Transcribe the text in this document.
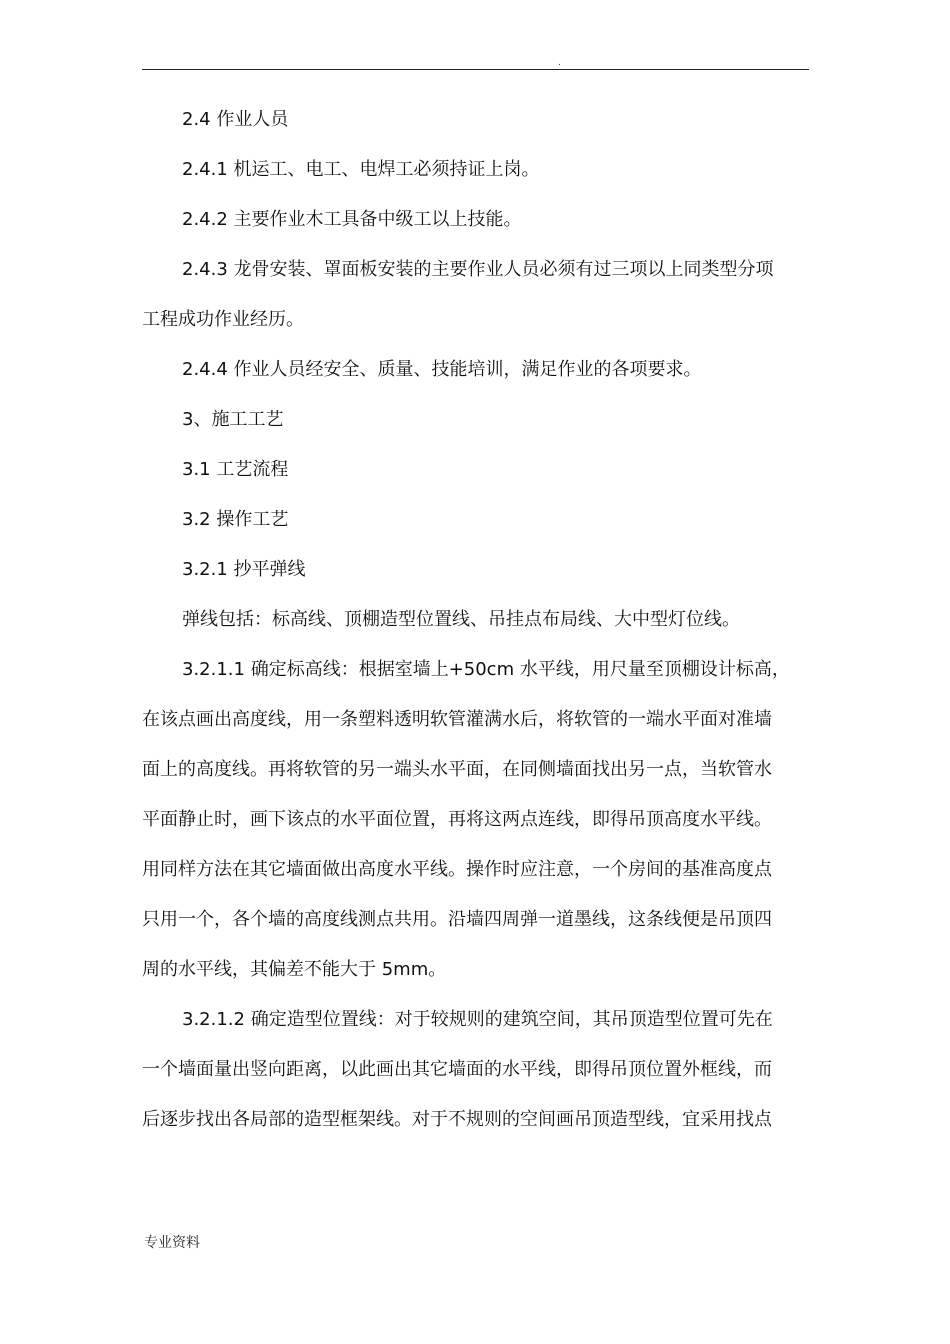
.
2.4 作业人员
2.4.1 机运工、电工、电焊工必须持证上岗。
2.4.2 主要作业木工具备中级工以上技能。
2.4.3 龙骨安装、罩面板安装的主要作业人员必须有过三项以上同类型分项
工程成功作业经历。
2.4.4 作业人员经安全、质量、技能培训，满足作业的各项要求。
3、施工工艺
3.1 工艺流程
3.2 操作工艺
3.2.1 抄平弹线
弹线包括：标高线、顶棚造型位置线、吊挂点布局线、大中型灯位线。
3.2.1.1 确定标高线：根据室墙上+50cm 水平线，用尺量至顶棚设计标高，
在该点画出高度线，用一条塑料透明软管灌满水后，将软管的一端水平面对准墙
面上的高度线。再将软管的另一端头水平面，在同侧墙面找出另一点，当软管水
平面静止时，画下该点的水平面位置，再将这两点连线，即得吊顶高度水平线。
用同样方法在其它墙面做出高度水平线。操作时应注意，一个房间的基准高度点
只用一个，各个墙的高度线测点共用。沿墙四周弹一道墨线，这条线便是吊顶四
周的水平线，其偏差不能大于 5mm。
3.2.1.2 确定造型位置线：对于较规则的建筑空间，其吊顶造型位置可先在
一个墙面量出竖向距离，以此画出其它墙面的水平线，即得吊顶位置外框线，而
后逐步找出各局部的造型框架线。对于不规则的空间画吊顶造型线，宜采用找点
专业资料
